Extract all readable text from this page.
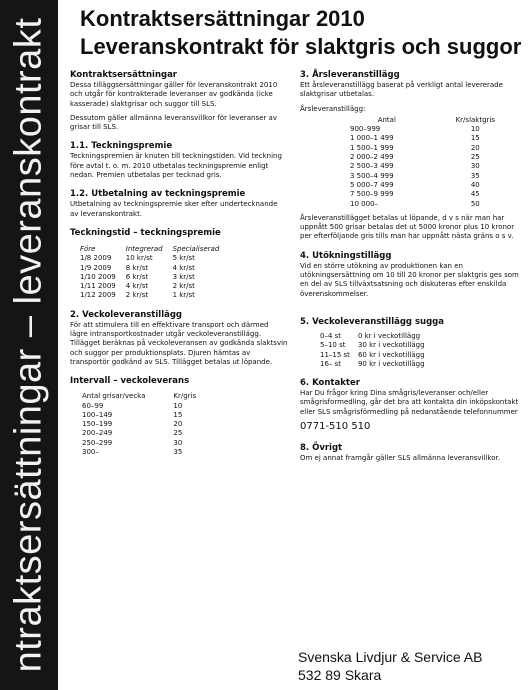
ntraktsersättningar – leveranskontrakt Kontraktsersättningar 2010
Leveranskontrakt för slaktgris och suggor
Kontraktsersättningar

Dessa tilläggsersättningar gäller för leveranskontrakt 2010 och utgår för kontrakterade leveranser av godkända (icke kasserade) slaktgrisar och suggor till SLS.

Dessutom gäller allmänna leveransvillkor för leveranser av grisar till SLS.

1.1. Teckningspremie

Teckningspremien är knuten till teckningstiden. Vid teckning före avtal t. o. m. 2010 utbetalas teckningspremie enligt nedan. Premien utbetalas per tecknad gris.

1.2. Utbetalning av teckningspremie

Utbetalning av teckningspremie sker efter undertecknande av leveranskontrakt.

Teckningstid – teckningspremie
Före	Integrerad	Specialiserad
1/8 2009	10 kr/st	5 kr/st
1/9 2009	8 kr/st	4 kr/st
1/10 2009	6 kr/st	3 kr/st
1/11 2009	4 kr/st	2 kr/st
1/12 2009	2 kr/st	1 kr/st
2. Veckoleveranstillägg

För att stimulera till en effektivare transport och därmed lägre intransportkostnader utgår veckoleveranstillägg. Tillägget beräknas på veckoleveransen av godkända slaktsvin och suggor per produktionsplats. Djuren hämtas av transportör godkänd av SLS. Tillägget betalas ut löpande.

Intervall – veckoleverans
Antal grisar/vecka	Kr/gris
60–99	10
100–149	15
150–199	20
200–249	25
250–299	30
300–	35
3. Årsleveranstillägg

Ett årsleveranstillägg baserat på verkligt antal levererade slaktgrisar utbetalas.

Årsleveranstillägg:

Antal	Kr/slaktgris
900–999	10
1 000–1 499	15
1 500–1 999	20
2 000–2 499	25
2 500–3 499	30
3 500–4 999	35
5 000–7 499	40
7 500–9 999	45
10 000–	50

Årsleveranstillägget betalas ut löpande, d v s när man har uppnått 500 grisar betalas det ut 5000 kronor plus 10 kronor per efterföljande gris tills man har uppnått nästa gräns o s v.

4. Utökningstillägg

Vid en större utökning av produktionen kan en utökningsersättning om 10 till 20 kronor per slaktgris ges som en del av SLS tillväxtsatsning och diskuteras efter enskilda överenskommelser.

5. Veckoleveranstillägg sugga
0–4 st	0 kr i veckotillägg
5–10 st	30 kr i veckotillägg
11–15 st	60 kr i veckotillägg
16– st	90 kr i veckotillägg
6. Kontakter

Har Du frågor kring Dina smågris/leveranser och/eller smågrisformedling, går det bra att kontakta din inköpskontakt eller SLS smågrisförmedling på nedanstående telefonnummer

0771-510 510

8. Övrigt

Om ej annat framgår gäller SLS allmänna leveransvillkor.

Svenska Livdjur & Service AB
532 89 Skara
